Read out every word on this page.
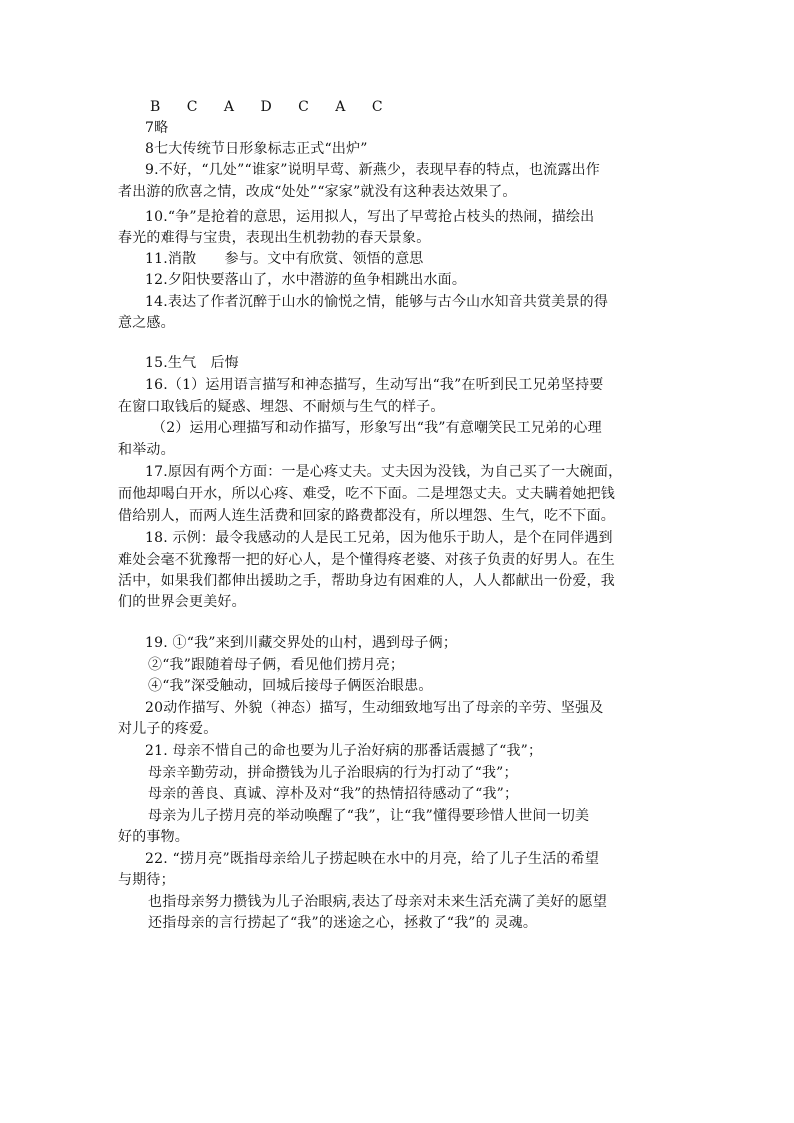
B C A D C A C
7略
8七大传统节日形象标志正式“出炉”
9.不好，“几处”“谁家”说明早莺、新燕少，表现早春的特点，也流露出作
者出游的欣喜之情，改成“处处”“家家”就没有这种表达效果了。
10.“争”是抢着的意思，运用拟人，写出了早莺抢占枝头的热闹，描绘出
春光的难得与宝贵，表现出生机勃勃的春天景象。
11.消散　　参与。文中有欣赏、领悟的意思
12.夕阳快要落山了，水中潜游的鱼争相跳出水面。
14.表达了作者沉醉于山水的愉悦之情，能够与古今山水知音共赏美景的得
意之感。
15.生气　后悔
16.（1）运用语言描写和神态描写，生动写出“我”在听到民工兄弟坚持要
在窗口取钱后的疑惑、埋怨、不耐烦与生气的样子。
（2）运用心理描写和动作描写，形象写出“我”有意嘲笑民工兄弟的心理
和举动。
17.原因有两个方面：一是心疼丈夫。丈夫因为没钱，为自己买了一大碗面，
而他却喝白开水，所以心疼、难受，吃不下面。二是埋怨丈夫。丈夫瞒着她把钱
借给别人，而两人连生活费和回家的路费都没有，所以埋怨、生气，吃不下面。
18. 示例：最令我感动的人是民工兄弟，因为他乐于助人，是个在同伴遇到
难处会毫不犹豫帮一把的好心人，是个懂得疼老婆、对孩子负责的好男人。在生
活中，如果我们都伸出援助之手，帮助身边有困难的人，人人都献出一份爱，我
们的世界会更美好。
19. ①“我”来到川藏交界处的山村，遇到母子俩；
②“我”跟随着母子俩，看见他们捞月亮；
④“我”深受触动，回城后接母子俩医治眼患。
20动作描写、外貌（神态）描写，生动细致地写出了母亲的辛劳、坚强及
对儿子的疼爱。
21. 母亲不惜自己的命也要为儿子治好病的那番话震撼了“我”；
母亲辛勤劳动，拼命攒钱为儿子治眼病的行为打动了“我”；
母亲的善良、真诚、淳朴及对“我”的热情招待感动了“我”；
母亲为儿子捞月亮的举动唤醒了“我”，让“我”懂得要珍惜人世间一切美
好的事物。
22. “捞月亮”既指母亲给儿子捞起映在水中的月亮，给了儿子生活的希望
与期待；
也指母亲努力攒钱为儿子治眼病,表达了母亲对未来生活充满了美好的愿望
还指母亲的言行捞起了“我”的迷途之心，拯救了“我”的 灵魂。
